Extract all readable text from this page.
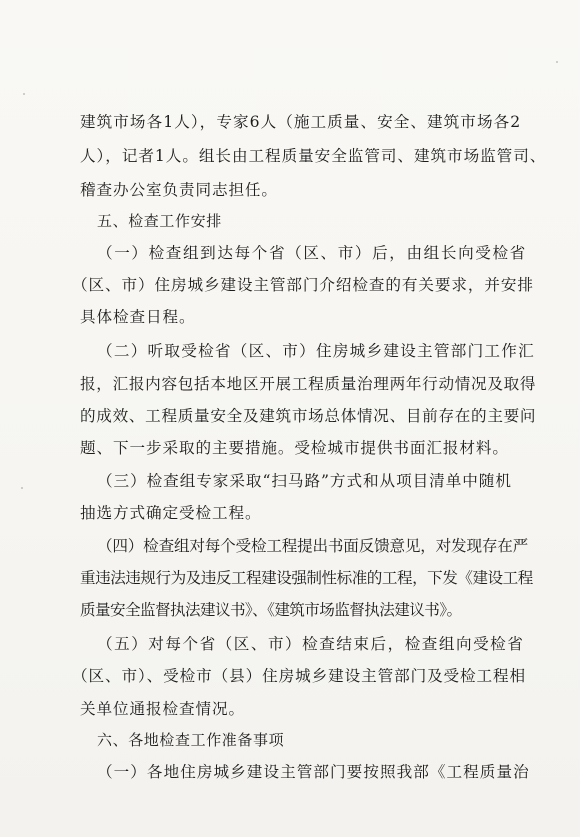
建筑市场各1人），专家6人（施工质量、安全、建筑市场各2
人），记者1人。组长由工程质量安全监管司、建筑市场监管司、
稽查办公室负责同志担任。
五、检查工作安排
（一）检查组到达每个省（区、市）后，由组长向受检省
（区、市）住房城乡建设主管部门介绍检查的有关要求，并安排
具体检查日程。
（二）听取受检省（区、市）住房城乡建设主管部门工作汇
报，汇报内容包括本地区开展工程质量治理两年行动情况及取得
的成效、工程质量安全及建筑市场总体情况、目前存在的主要问
题、下一步采取的主要措施。受检城市提供书面汇报材料。
（三）检查组专家采取“扫马路”方式和从项目清单中随机
抽选方式确定受检工程。
（四）检查组对每个受检工程提出书面反馈意见，对发现存在严
重违法违规行为及违反工程建设强制性标准的工程，下发《建设工程
质量安全监督执法建议书》、《建筑市场监督执法建议书》。
（五）对每个省（区、市）检查结束后，检查组向受检省
（区、市）、受检市（县）住房城乡建设主管部门及受检工程相
关单位通报检查情况。
六、各地检查工作准备事项
（一）各地住房城乡建设主管部门要按照我部《工程质量治
